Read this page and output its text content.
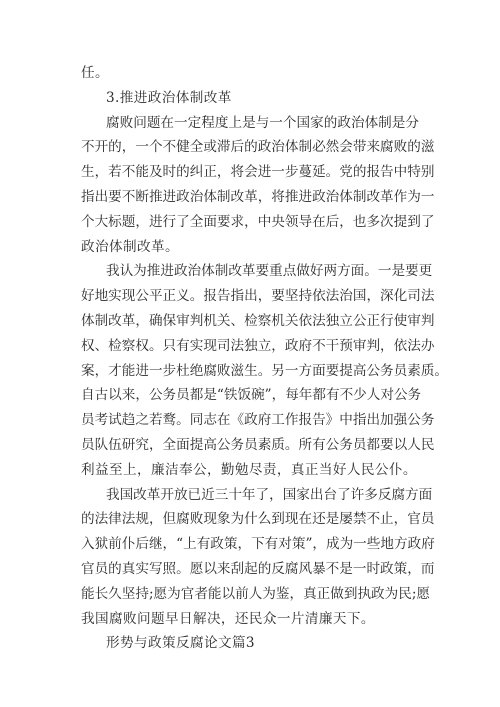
任。
3.推进政治体制改革
腐败问题在一定程度上是与一个国家的政治体制是分
不开的，一个不健全或滞后的政治体制必然会带来腐败的滋
生，若不能及时的纠正，将会进一步蔓延。党的报告中特别
指出要不断推进政治体制改革，将推进政治体制改革作为一
个大标题，进行了全面要求，中央领导在后，也多次提到了
政治体制改革。
我认为推进政治体制改革要重点做好两方面。一是要更
好地实现公平正义。报告指出，要坚持依法治国，深化司法
体制改革，确保审判机关、检察机关依法独立公正行使审判
权、检察权。只有实现司法独立，政府不干预审判，依法办
案，才能进一步杜绝腐败滋生。另一方面要提高公务员素质。
自古以来，公务员都是“铁饭碗”，每年都有不少人对公务
员考试趋之若鹜。同志在《政府工作报告》中指出加强公务
员队伍研究，全面提高公务员素质。所有公务员都要以人民
利益至上，廉洁奉公，勤勉尽责，真正当好人民公仆。
我国改革开放已近三十年了，国家出台了许多反腐方面
的法律法规，但腐败现象为什么到现在还是屡禁不止，官员
入狱前仆后继，“上有政策，下有对策”，成为一些地方政府
官员的真实写照。愿以来刮起的反腐风暴不是一时政策，而
能长久坚持;愿为官者能以前人为鉴，真正做到执政为民;愿
我国腐败问题早日解决，还民众一片清廉天下。
形势与政策反腐论文篇3
